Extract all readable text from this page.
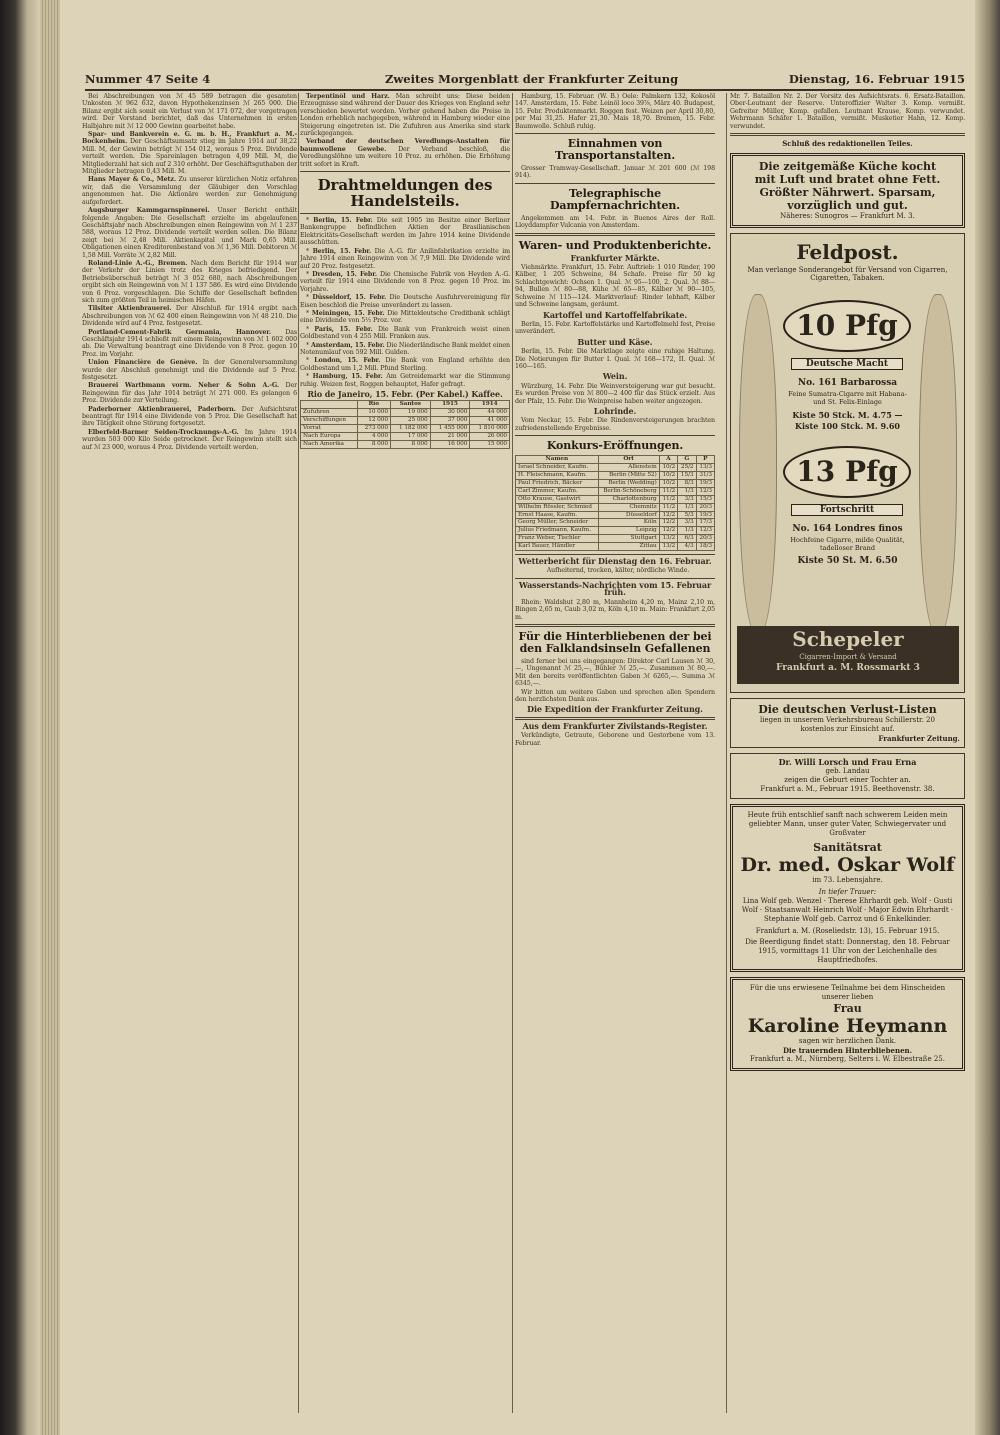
Nummer 47 Seite 4	Zweites Morgenblatt der Frankfurter Zeitung	Dienstag, 16. Februar 1915

Bei Abschreibungen von ℳ 45 589 betragen die gesamten Unkosten ℳ 962 632, davon Hypothekenzinsen ℳ 265 000. Die Bilanz ergibt sich somit ein Verlust von ℳ 171 072, der vorgetragen wird. Der Vorstand berichtet, daß das Unternehmen in ersten Halbjahre mit ℳ 12 000 Gewinn gearbeitet habe.

Spar- und Bankverein e. G. m. b. H., Frankfurt a. M.-Bockenheim. Der Geschäftsumsatz stieg im Jahre 1914 auf 38,22 Mill. M, der Gewinn beträgt ℳ 154 012, woraus 5 Proz. Dividende verteilt werden. Die Spareinlagen betragen 4,09 Mill. M, die Mitgliederzahl hat sich auf 2 310 erhöht. Der Geschäftsguthaben der Mitglieder betragen 0,43 Mill. M.

Hans Mayer & Co., Metz. Zu unserer kürzlichen Notiz erfahren wir, daß die Versammlung der Gläubiger den Vorschlag angenommen hat. Die Aktionäre werden zur Genehmigung aufgefordert.

Augsburger Kammgarnspinnerei. Unser Bericht enthält folgende Angaben: Die Gesellschaft erzielte im abgelaufenen Geschäftsjahr nach Abschreibungen einen Reingewinn von ℳ 1 237 588, woraus 12 Proz. Dividende verteilt werden sollen. Die Bilanz zeigt bei ℳ 2,48 Mill. Aktienkapital und Mark 0,65 Mill. Obligationen einen Kreditorenbestand von ℳ 1,36 Mill. Debitoren ℳ 1,58 Mill. Vorräte ℳ 2,82 Mill.

Roland-Linie A.-G., Bremen. Nach dem Bericht für 1914 war der Verkehr der Linien trotz des Krieges befriedigend. Der Betriebsüberschuß beträgt ℳ 3 052 680, nach Abschreibungen ergibt sich ein Reingewinn von ℳ 1 137 586. Es wird eine Dividende von 6 Proz. vorgeschlagen. Die Schiffe der Gesellschaft befinden sich zum größten Teil in heimischen Häfen.

Tilsiter Aktienbrauerei. Der Abschluß für 1914 ergibt nach Abschreibungen von ℳ 62 400 einen Reingewinn von ℳ 48 210. Die Dividende wird auf 4 Proz. festgesetzt.

Portland-Cement-Fabrik Germania, Hannover. Das Geschäftsjahr 1914 schließt mit einem Reingewinn von ℳ 1 602 000 ab. Die Verwaltung beantragt eine Dividende von 8 Proz. gegen 10 Proz. im Vorjahr.

Union Financière de Genève. In der Generalversammlung wurde der Abschluß genehmigt und die Dividende auf 5 Proz. festgesetzt.

Brauerei Wartbmann vorm. Neher & Sohn A.-G. Der Reingewinn für das Jahr 1914 beträgt ℳ 271 000. Es gelangen 6 Proz. Dividende zur Verteilung.

Paderborner Aktienbrauerei, Paderborn. Der Aufsichtsrat beantragt für 1914 eine Dividende von 5 Proz. Die Gesellschaft hat ihre Tätigkeit ohne Störung fortgesetzt.

Elberfeld-Barmer Seiden-Trocknungs-A.-G. Im Jahre 1914 wurden 503 000 Kilo Seide getrocknet. Der Reingewinn stellt sich auf ℳ 23 000, woraus 4 Proz. Dividende verteilt werden.

Terpentinöl und Harz. Man schreibt uns: Diese beiden Erzeugnisse sind während der Dauer des Krieges von England sehr verschieden bewertet worden. Vorher gehend haben die Preise in London erheblich nachgegeben, während in Hamburg wieder eine Steigerung eingetreten ist. Die Zufuhren aus Amerika sind stark zurückgegangen.

Verband der deutschen Veredlungs-Anstalten für baumwollene Gewebe. Der Verband beschloß, die Veredlungslöhne um weitere 10 Proz. zu erhöhen. Die Erhöhung tritt sofort in Kraft.

Drahtmeldungen des Handelsteils.

* Berlin, 15. Febr. Die seit 1905 im Besitze einer Berliner Bankengruppe befindlichen Aktien der Brasilianischen Elektricitäts-Gesellschaft werden im Jahre 1914 keine Dividende ausschütten.

* Berlin, 15. Febr. Die A.-G. für Anilinfabrikation erzielte im Jahre 1914 einen Reingewinn von ℳ 7,9 Mill. Die Dividende wird auf 20 Proz. festgesetzt.

* Dresden, 15. Febr. Die Chemische Fabrik von Heyden A.-G. verteilt für 1914 eine Dividende von 8 Proz. gegen 10 Proz. im Vorjahre.

* Düsseldorf, 15. Febr. Die Deutsche Ausfuhrvereinigung für Eisen beschloß die Preise unverändert zu lassen.

* Meiningen, 15. Febr. Die Mitteldeutsche Creditbank schlägt eine Dividende von 5½ Proz. vor.

* Paris, 15. Febr. Die Bank von Frankreich weist einen Goldbestand von 4 255 Mill. Franken aus.

* Amsterdam, 15. Febr. Die Niederländische Bank meldet einen Notenumlauf von 592 Mill. Gulden.

* London, 15. Febr. Die Bank von England erhöhte den Goldbestand um 1,2 Mill. Pfund Sterling.

* Hamburg, 15. Febr. Am Getreidemarkt war die Stimmung ruhig. Weizen fest, Roggen behauptet, Hafer gefragt.

Rio de Janeiro, 15. Febr. (Per Kabel.) Kaffee.
	Rio	Santos	1915	1914
Zufuhren	10 000	19 000	30 000	44 000
Verschiffungen	12 000	25 000	37 000	41 000
Vorrat	273 000	1 182 000	1 455 000	1 810 000
Nach Europa	4 000	17 000	21 000	26 000
Nach Amerika	8 000	8 000	16 000	15 000

Hamburg, 15. Februar. (W. B.) Oele: Palmkern 132, Kokosöl 147. Amsterdam, 15. Febr. Leinöl loco 39⅞, März 40. Budapest, 15. Febr. Produktenmarkt. Roggen fest. Weizen per April 30,80, per Mai 31,25. Hafer 21,30. Mais 18,70. Bremen, 15. Febr. Baumwolle. Schluß ruhig.

Einnahmen von Transportanstalten.

Grosser Tramway-Gesellschaft. Januar ℳ 201 600 (ℳ 198 914).

Telegraphische Dampfernachrichten.

Angekommen am 14. Febr. in Buenos Aires der Roll. Lloyddampfer Vulcania von Amsterdam.

Waren- und Produktenberichte.
Frankfurter Märkte.

Viehmärkte. Frankfurt, 15. Febr. Auftrieb: 1 010 Rinder, 190 Kälber, 1 205 Schweine, 84 Schafe. Preise für 50 kg Schlachtgewicht: Ochsen 1. Qual. ℳ 95—100, 2. Qual. ℳ 88—94, Bullen ℳ 80—88, Kühe ℳ 65—85, Kälber ℳ 90—105, Schweine ℳ 115—124. Marktverlauf: Rinder lebhaft, Kälber und Schweine langsam, geräumt.

Kartoffel und Kartoffelfabrikate.

Berlin, 15. Febr. Kartoffelstärke und Kartoffelmehl fest, Preise unverändert.

Butter und Käse.

Berlin, 15. Febr. Die Marktlage zeigte eine ruhige Haltung. Die Notierungen für Butter I. Qual. ℳ 168—172, II. Qual. ℳ 160—165.

Wein.

Würzburg, 14. Febr. Die Weinversteigerung war gut besucht. Es wurden Preise von ℳ 800—2 400 für das Stück erzielt. Aus der Pfalz, 15. Febr. Die Weinpreise haben weiter angezogen.

Lohrinde.

Vom Neckar, 15. Febr. Die Rindenversteigerungen brachten zufriedenstellende Ergebnisse.

Konkurs-Eröffnungen.
Namen	Ort	A	G	P
Israel Schneider, Kaufm.	Allenstein	10/2	25/2	13/3
H. Fleischmann, Kaufm.	Berlin (Mitte 52)	10/2	15/3	31/3
Paul Friedrich, Bäcker	Berlin (Wedding)	10/2	8/3	19/3
Carl Zimmer, Kaufm.	Berlin-Schöneberg	11/2	1/3	12/3
Otto Krause, Gastwirt	Charlottenburg	11/2	3/3	15/3
Wilhelm Rössler, Schmied	Chemnitz	11/2	1/3	20/3
Ernst Haase, Kaufm.	Düsseldorf	12/2	5/3	19/3
Georg Müller, Schneider	Köln	12/2	3/3	17/3
Julius Friedmann, Kaufm.	Leipzig	12/2	1/3	12/3
Franz Weber, Tischler	Stuttgart	13/2	6/3	20/3
Karl Bauer, Händler	Zittau	13/2	4/3	18/3
Wetterbericht für Dienstag den 16. Februar.

Aufheiternd, trocken, kälter, nördliche Winde.

Wasserstands-Nachrichten vom 15. Februar früh.

Rhein: Waldshut 2,80 m, Mannheim 4,20 m, Mainz 2,10 m, Bingen 2,65 m, Caub 3,02 m, Köln 4,10 m. Main: Frankfurt 2,05 m.

Für die Hinterbliebenen der bei den Falklandsinseln Gefallenen

sind ferner bei uns eingegangen: Direktor Carl Lausen ℳ 30,—, Ungenannt ℳ 25,—, Bühler ℳ 25,—. Zusammen ℳ 80,—. Mit den bereits veröffentlichten Gaben ℳ 6265,—. Summa ℳ 6345,—.

Wir bitten um weitere Gaben und sprechen allen Spendern den herzlichsten Dank aus.

Die Expedition der Frankfurter Zeitung.
Aus dem Frankfurter Zivilstands-Register.

Verkündigte, Getraute, Geborene und Gestorbene vom 13. Februar.

Mr. 7. Bataillon Nr. 2. Der Vorsitz des Aufsichtsrats. 6. Ersatz-Bataillon. Ober-Leutnant der Reserve. Unteroffizier Walter 3. Komp. vermißt. Gefreiter Müller, Komp. gefallen. Leutnant Krause, Komp. verwundet. Wehrmann Schäfer 1. Bataillon, vermißt. Musketier Hahn, 12. Komp. verwundet.

Schluß des redaktionellen Teiles.
Die zeitgemäße Küche kocht
mit Luft und bratet ohne Fett.
Größter Nährwert. Sparsam,
vorzüglich und gut.
Näheres: Sunogros — Frankfurt M. 3.
Feldpost.
Man verlange Sonderangebot für Versand von Cigarren, Cigaretten, Tabaken.
10 Pfg
Deutsche Macht
No. 161 Barbarossa
Feine Sumatra-Cigarre mit Habana- und St. Felix-Einlage
Kiste 50 Stck. M. 4.75 — Kiste 100 Stck. M. 9.60
13 Pfg
Fortschritt
No. 164 Londres finos
Hochfeine Cigarre, milde Qualität, tadelloser Brand
Kiste 50 St. M. 6.50
Schepeler
Cigarren-Import & Versand
Frankfurt a. M. Rossmarkt 3
Die deutschen Verlust-Listen
liegen in unserem Verkehrsbureau Schillerstr. 20
kostenlos zur Einsicht auf.
Frankfurter Zeitung.
Dr. Willi Lorsch und Frau Erna
geb. Landau
zeigen die Geburt einer Tochter an.
Frankfurt a. M., Februar 1915. Beethovenstr. 38.
Heute früh entschlief sanft nach schwerem Leiden mein geliebter Mann, unser guter Vater, Schwiegervater und Großvater
Sanitätsrat
Dr. med. Oskar Wolf
im 73. Lebensjahre.
In tiefer Trauer:
Lina Wolf geb. Wenzel · Therese Ehrhardt geb. Wolf · Gusti Wolf · Staatsanwalt Heinrich Wolf · Major Edwin Ehrhardt · Stephanie Wolf geb. Carroz und 6 Enkelkinder.
Frankfurt a. M. (Roseliedstr. 13), 15. Februar 1915.
Die Beerdigung findet statt: Donnerstag, den 18. Februar 1915, vormittags 11 Uhr von der Leichenhalle des Hauptfriedhofes.
Für die uns erwiesene Teilnahme bei dem Hinscheiden unserer lieben
Frau
Karoline Heymann
sagen wir herzlichen Dank.
Die trauernden Hinterbliebenen.
Frankfurt a. M., Nürnberg, Selters i. W. Elbestraße 25.
